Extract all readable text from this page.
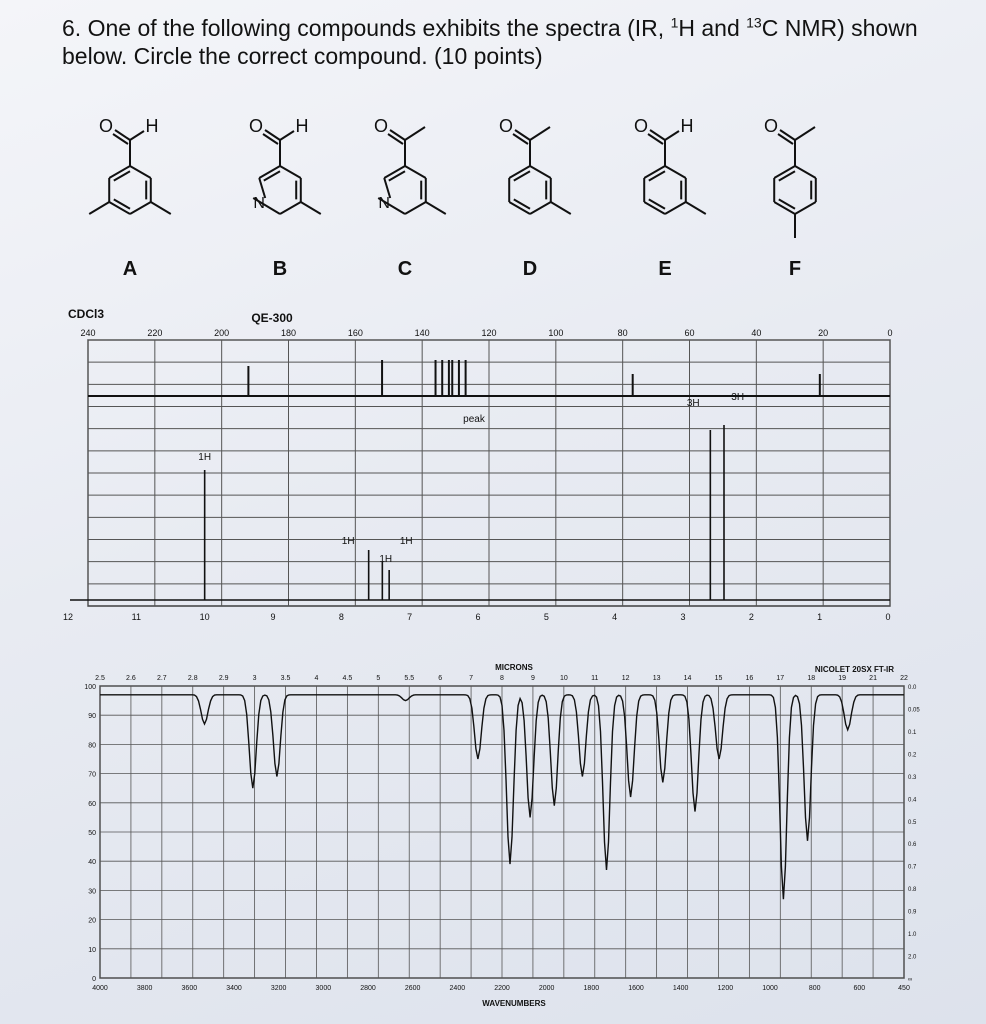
6. One of the following compounds exhibits the spectra (IR, $^1$H and $^{13}$C NMR) shown
below. Circle the correct compound. (10 points)
O H
A
O H
N
B
O
N
C
O
D
O H
E
O
F
CDCl3	QE-300
240	220	200	180	160	140	120	100	80	60	40	20	0
12	11	10	9	8	7	6	5	4	3	2	1	0
peak
1H
1H	1H
1H
3H
3H
NICOLET 20SX FT-IR
MICRONS
WAVENUMBERS
100
90
80
70
60
50
40
30
20
10
0
2.5	2.6	2.7	2.8	2.9	3	3.5	4	4.5	5	5.5	6	7	8	9	10	11	12	13	14	15	16	17	18	19	21	22
4000	3800	3600	3400	3200	3000	2800	2600	2400	2200	2000	1800	1600	1400	1200	1000	800	600	450
0.0
0.05
0.1
0.2
0.3
0.4
0.5
0.6
0.7
0.8
0.9
1.0
2.0
∞
